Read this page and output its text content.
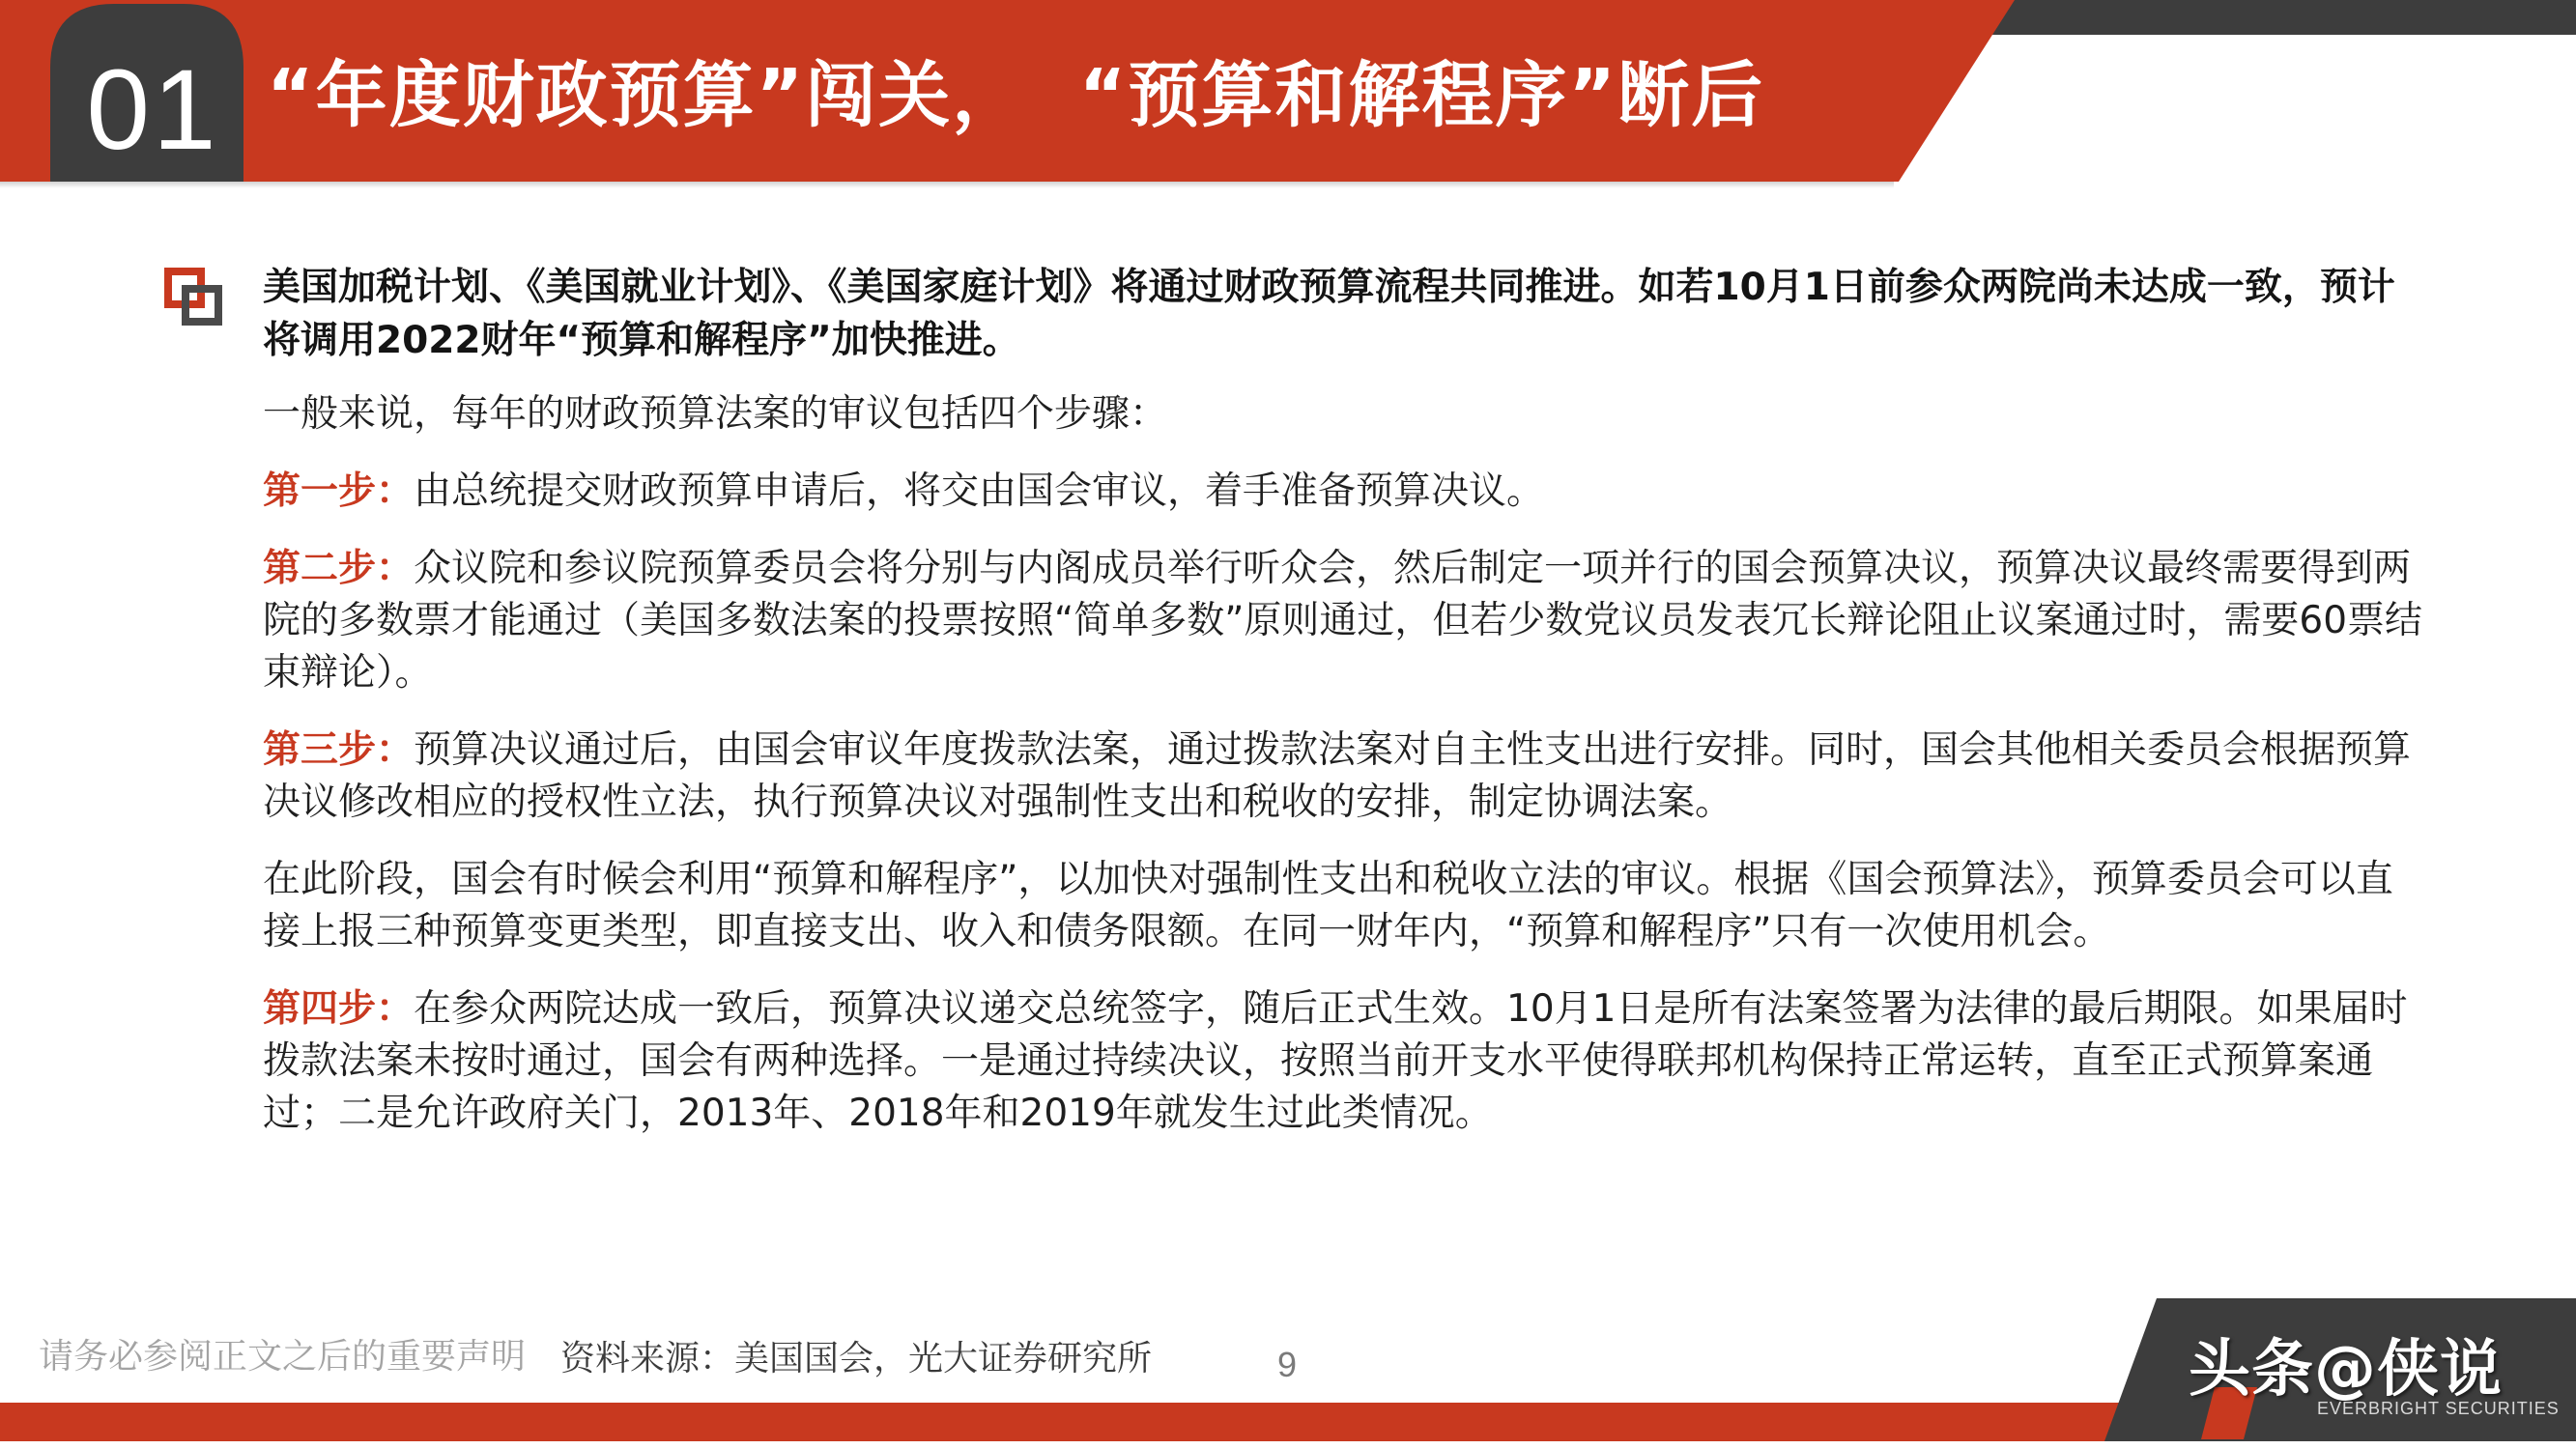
01 “年度财政预算”闯关，  “预算和解程序”断后

美国加税计划、《美国就业计划》、《美国家庭计划》将通过财政预算流程共同推进。如若10月1日前参众两院尚未达成一致，预计将调用2022财年“预算和解程序”加快推进。

一般来说，每年的财政预算法案的审议包括四个步骤：

第一步：由总统提交财政预算申请后，将交由国会审议，着手准备预算决议。

第二步：众议院和参议院预算委员会将分别与内阁成员举行听众会，然后制定一项并行的国会预算决议，预算决议最终需要得到两院的多数票才能通过（美国多数法案的投票按照“简单多数”原则通过，但若少数党议员发表冗长辩论阻止议案通过时，需要60票结束辩论）。

第三步：预算决议通过后，由国会审议年度拨款法案，通过拨款法案对自主性支出进行安排。同时，国会其他相关委员会根据预算决议修改相应的授权性立法，执行预算决议对强制性支出和税收的安排，制定协调法案。

在此阶段，国会有时候会利用“预算和解程序”，以加快对强制性支出和税收立法的审议。根据《国会预算法》，预算委员会可以直接上报三种预算变更类型，即直接支出、收入和债务限额。在同一财年内，“预算和解程序”只有一次使用机会。

第四步：在参众两院达成一致后，预算决议递交总统签字，随后正式生效。10月1日是所有法案签署为法律的最后期限。如果届时拨款法案未按时通过，国会有两种选择。一是通过持续决议，按照当前开支水平使得联邦机构保持正常运转，直至正式预算案通过；二是允许政府关门，2013年、2018年和2019年就发生过此类情况。

请务必参阅正文之后的重要声明 资料来源：美国国会，光大证券研究所	9	头条@侠说
EVERBRIGHT SECURITIES
